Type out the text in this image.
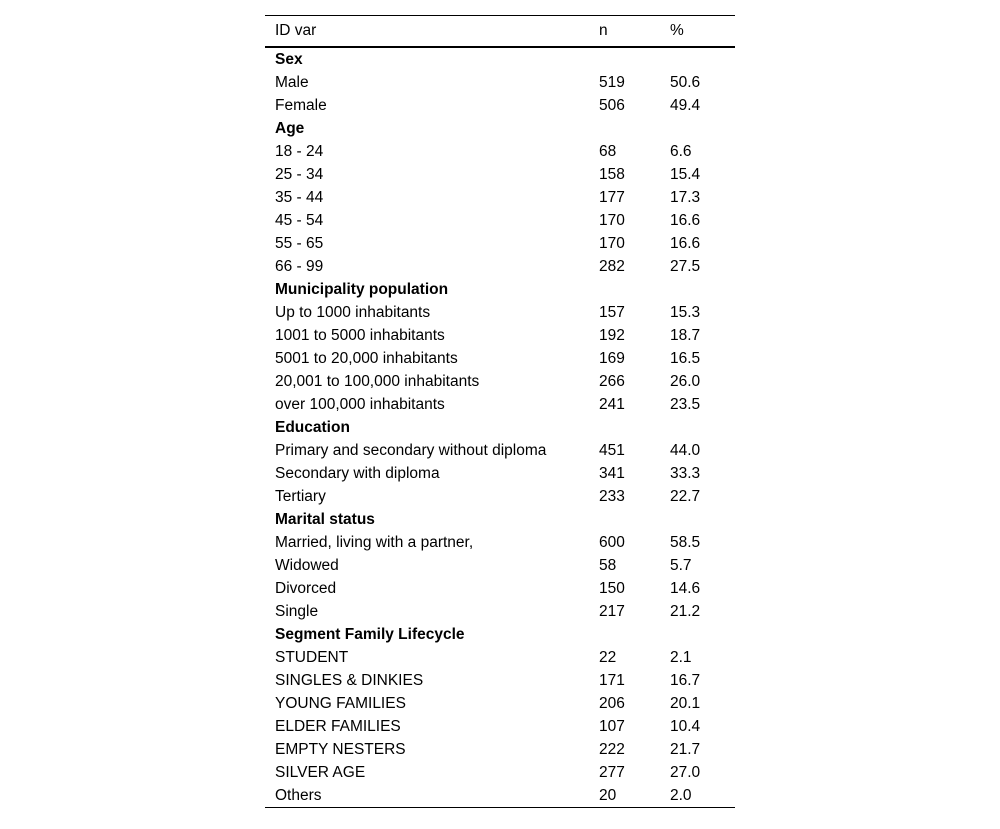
ID var	n	%
Sex		
Male	519	50.6
Female	506	49.4
Age		
18 - 24	68	6.6
25 - 34	158	15.4
35 - 44	177	17.3
45 - 54	170	16.6
55 - 65	170	16.6
66 - 99	282	27.5
Municipality population		
Up to 1000 inhabitants	157	15.3
1001 to 5000 inhabitants	192	18.7
5001 to 20,000 inhabitants	169	16.5
20,001 to 100,000 inhabitants	266	26.0
over 100,000 inhabitants	241	23.5
Education		
Primary and secondary without diploma	451	44.0
Secondary with diploma	341	33.3
Tertiary	233	22.7
Marital status		
Married, living with a partner,	600	58.5
Widowed	58	5.7
Divorced	150	14.6
Single	217	21.2
Segment Family Lifecycle		
STUDENT	22	2.1
SINGLES & DINKIES	171	16.7
YOUNG FAMILIES	206	20.1
ELDER FAMILIES	107	10.4
EMPTY NESTERS	222	21.7
SILVER AGE	277	27.0
Others	20	2.0
